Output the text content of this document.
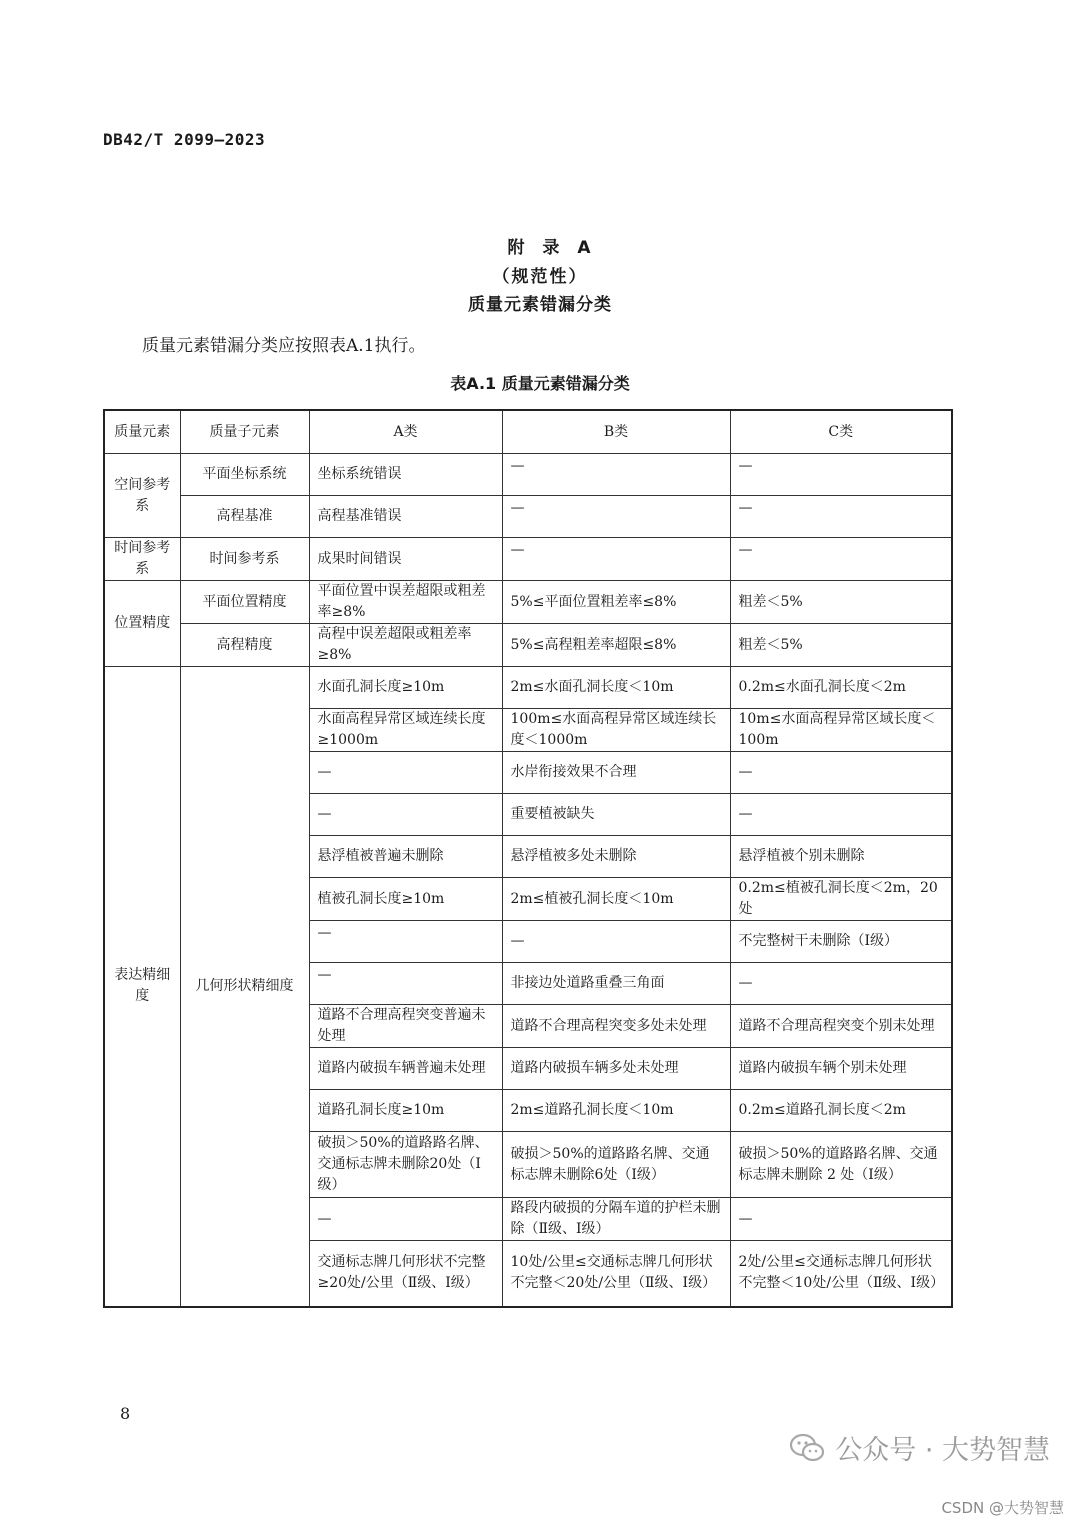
DB42/T 2099—2023
附 录 A
（规范性）
质量元素错漏分类
质量元素错漏分类应按照表A.1执行。
表A.1 质量元素错漏分类
质量元素	质量子元素	A类	B类	C类
空间参考系	平面坐标系统	坐标系统错误	—	—
	高程基准	高程基准错误	—	—
时间参考系	时间参考系	成果时间错误	—	—
位置精度	平面位置精度	平面位置中误差超限或粗差率≥8%	5%≤平面位置粗差率≤8%	粗差＜5%
	高程精度	高程中误差超限或粗差率≥8%	5%≤高程粗差率超限≤8%	粗差＜5%
表达精细度	几何形状精细度	水面孔洞长度≥10m	2m≤水面孔洞长度＜10m	0.2m≤水面孔洞长度＜2m
		水面高程异常区域连续长度≥1000m	100m≤水面高程异常区域连续长度＜1000m	10m≤水面高程异常区域长度＜100m
		—	水岸衔接效果不合理	—
		—	重要植被缺失	—
		悬浮植被普遍未删除	悬浮植被多处未删除	悬浮植被个别未删除
		植被孔洞长度≥10m	2m≤植被孔洞长度＜10m	0.2m≤植被孔洞长度＜2m，20处
		—	—	不完整树干未删除（Ⅰ级）
		—	非接边处道路重叠三角面	—
		道路不合理高程突变普遍未处理	道路不合理高程突变多处未处理	道路不合理高程突变个别未处理
		道路内破损车辆普遍未处理	道路内破损车辆多处未处理	道路内破损车辆个别未处理
		道路孔洞长度≥10m	2m≤道路孔洞长度＜10m	0.2m≤道路孔洞长度＜2m
		破损＞50%的道路路名牌、交通标志牌未删除20处（Ⅰ级）	破损＞50%的道路路名牌、交通标志牌未删除6处（Ⅰ级）	破损＞50%的道路路名牌、交通标志牌未删除 2 处（Ⅰ级）
		—	路段内破损的分隔车道的护栏未删除（Ⅱ级、Ⅰ级）	—
		交通标志牌几何形状不完整≥20处/公里（Ⅱ级、Ⅰ级）	10处/公里≤交通标志牌几何形状不完整＜20处/公里（Ⅱ级、Ⅰ级）	2处/公里≤交通标志牌几何形状不完整＜10处/公里（Ⅱ级、Ⅰ级）
8
公众号 · 大势智慧
CSDN @大势智慧
